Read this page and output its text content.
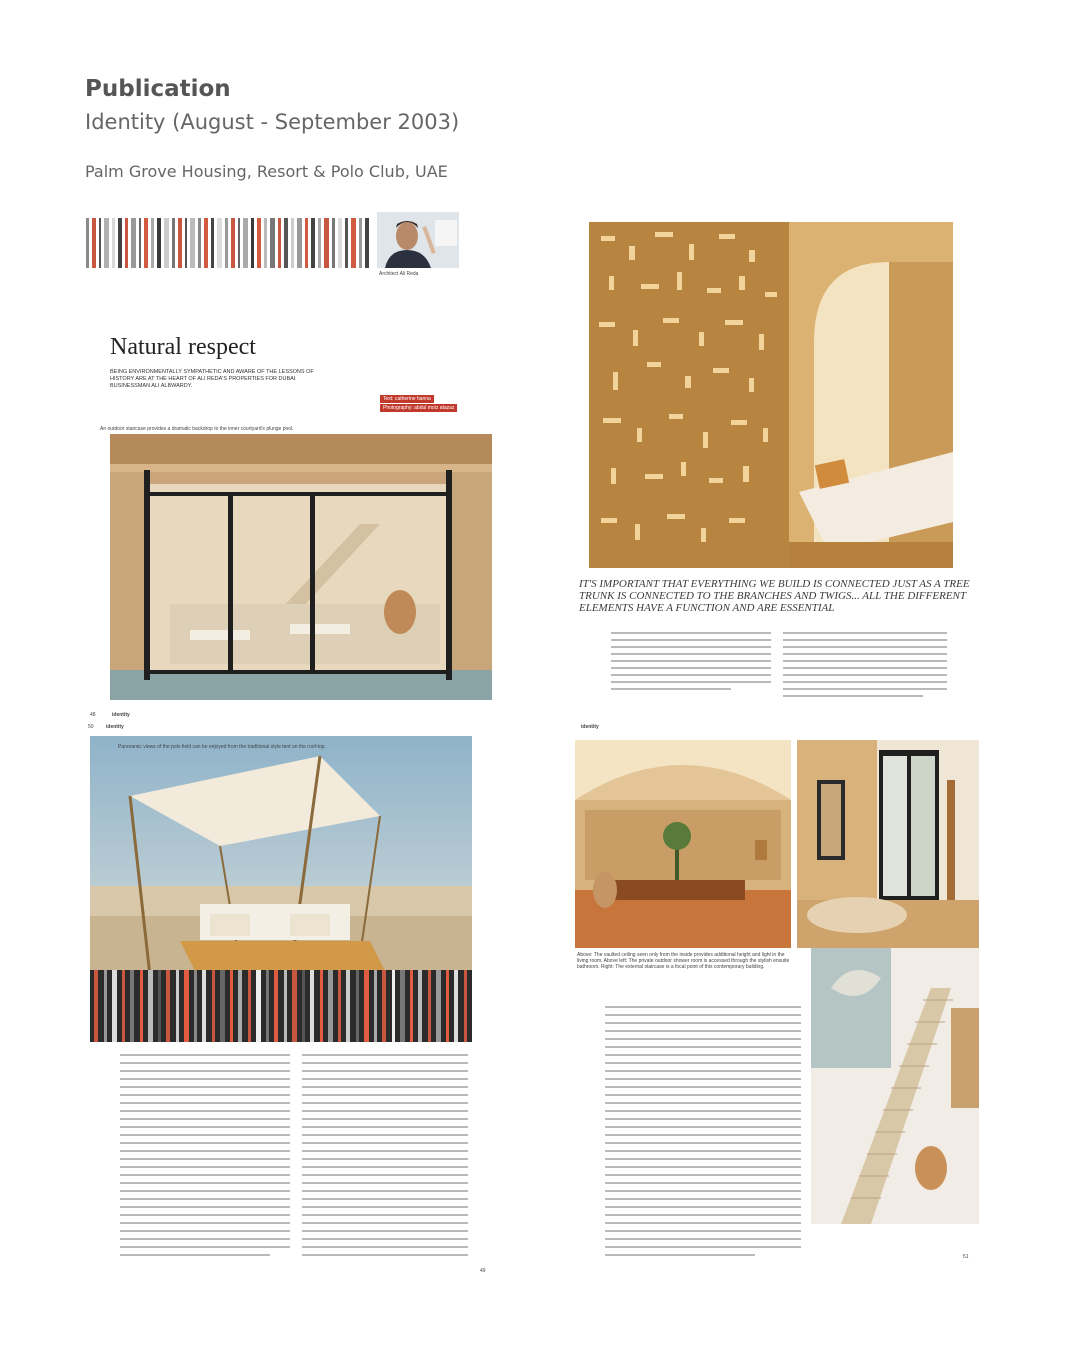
Publication
Identity (August - September 2003)
Palm Grove Housing, Resort & Polo Club, UAE
Architect Ali Reda
Natural respect
BEING ENVIRONMENTALLY SYMPATHETIC AND AWARE OF THE LESSONS OF HISTORY ARE AT THE HEART OF ALI REDA'S PROPERTIES FOR DUBAI BUSINESSMAN ALI ALBWARDY.
Text: catherine hanna
Photography: abdul moiz atazaz
An outdoor staircase provides a dramatic backdrop to the inner courtyard's plunge pool.
48	identity
IT'S IMPORTANT THAT EVERYTHING WE BUILD IS CONNECTED JUST AS A TREE TRUNK IS CONNECTED TO THE BRANCHES AND TWIGS... ALL THE DIFFERENT ELEMENTS HAVE A FUNCTION AND ARE ESSENTIAL
50 identity
Panoramic views of the polo field can be enjoyed from the traditional style tent on the roof-top.
49
identity
Above: The vaulted ceiling seen only from the inside provides additional height and light in the living room. Above left: The private outdoor shower room is accessed through the stylish ensuite bathroom. Right: The external staircase is a focal point of this contemporary building.
51
